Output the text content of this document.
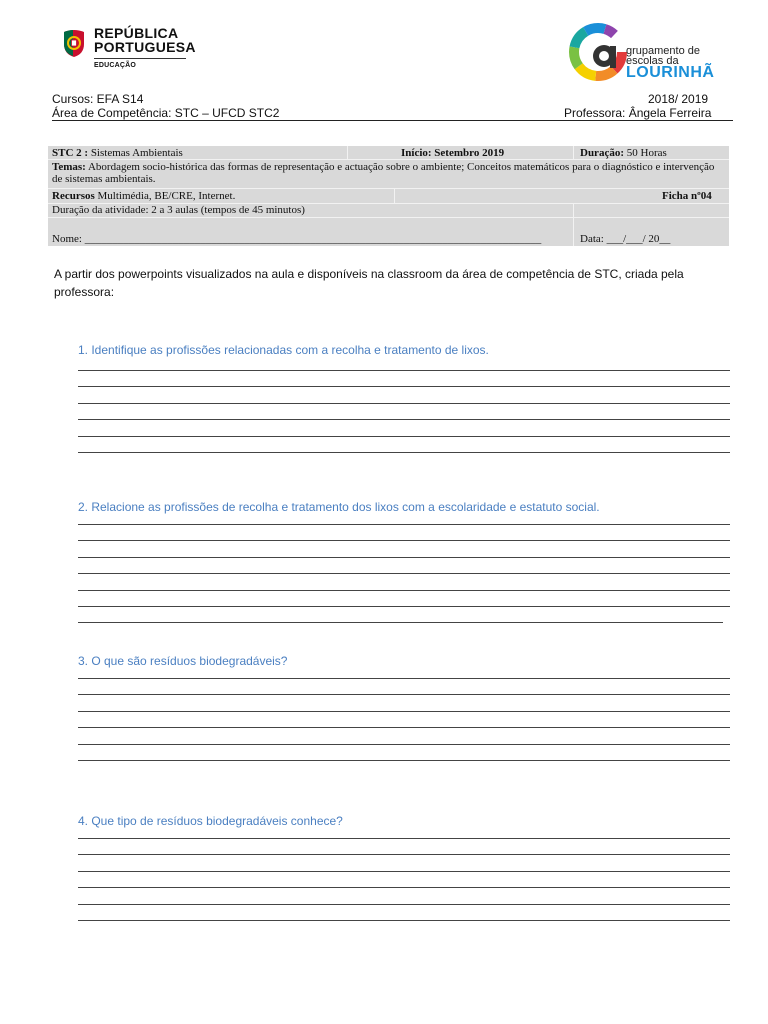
REPÚBLICA
PORTUGUESA
EDUCAÇÃO
grupamento de
escolas da
LOURINHÃ
Cursos: EFA S14
Área de Competência: STC – UFCD STC2
2018/ 2019
Professora: Ângela Ferreira
STC 2 : Sistemas Ambientais	Início: Setembro 2019	Duração: 50 Horas
Temas: Abordagem socio-histórica das formas de representação e actuação sobre o ambiente; Conceitos matemáticos para o diagnóstico e intervenção de sistemas ambientais.
Recursos Multimédia, BE/CRE, Internet.	Ficha nº04
Duração da atividade: 2 a 3 aulas (tempos de 45 minutos)
Nome: ___________________________________________________________________________________	Data: ___/___/ 20__
A partir dos powerpoints visualizados na aula e disponíveis na classroom da área de competência de STC, criada pela professora:
1. Identifique as profissões relacionadas com a recolha e tratamento de lixos.
2. Relacione as profissões de recolha e tratamento dos lixos com a escolaridade e estatuto social.
3. O que são resíduos biodegradáveis?
4. Que tipo de resíduos biodegradáveis conhece?
